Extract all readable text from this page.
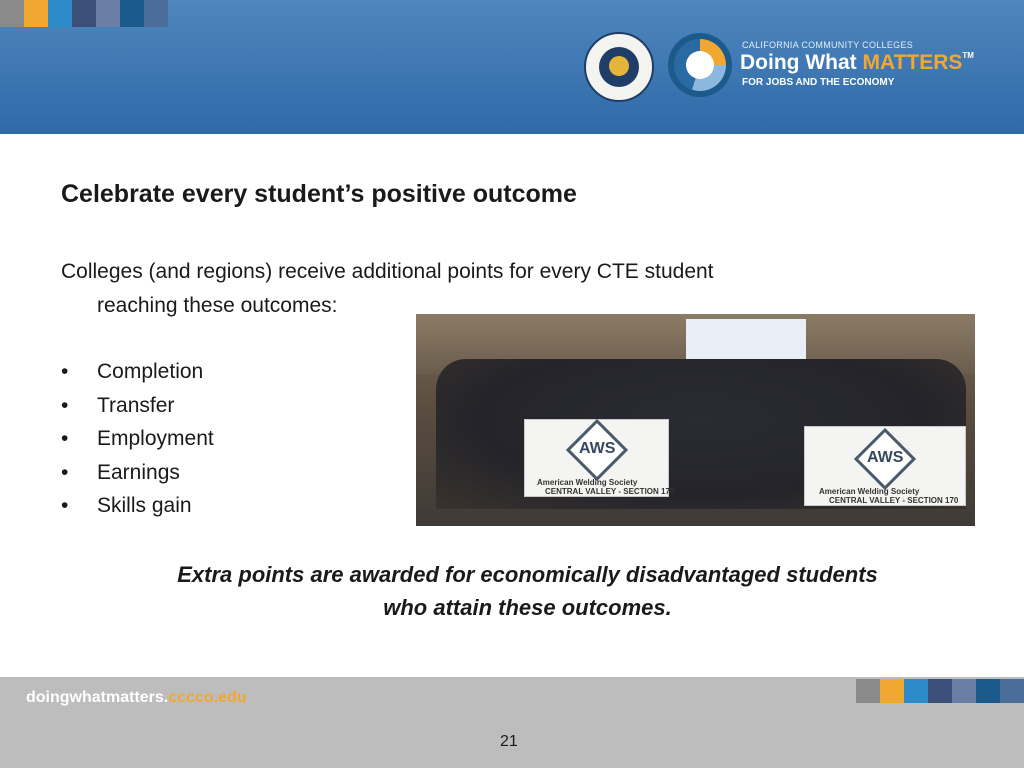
CALIFORNIA COMMUNITY COLLEGES
Doing What MATTERS™
FOR JOBS AND THE ECONOMY
Celebrate every student’s positive outcome
Colleges (and regions) receive additional points for every CTE student
reaching these outcomes:
AWS
American Welding Society
CENTRAL VALLEY - SECTION 170
AWS
American Welding Society
CENTRAL VALLEY - SECTION 170
• Completion
• Transfer
• Employment
• Earnings
• Skills gain
Extra points are awarded for economically disadvantaged students
who attain these outcomes.
doingwhatmatters.cccco.edu
21
